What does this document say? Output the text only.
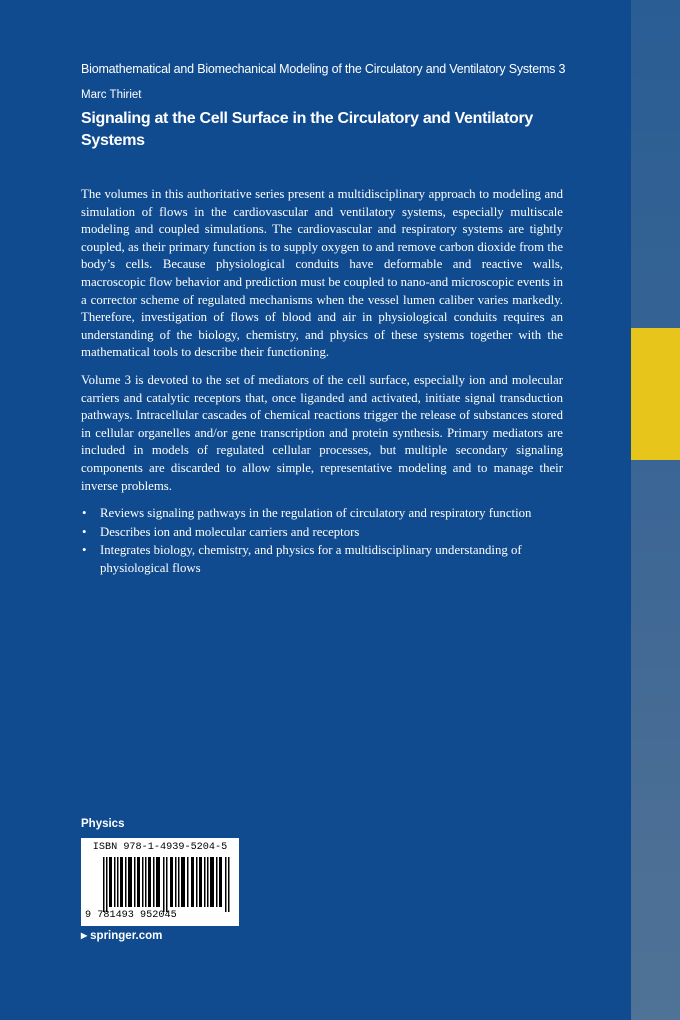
Biomathematical and Biomechanical Modeling of the Circulatory and Ventilatory Systems 3

Marc Thiriet

Signaling at the Cell Surface in the Circulatory and Ventilatory Systems

The volumes in this authoritative series present a multidisciplinary approach to modeling and simulation of flows in the cardiovascular and ventilatory systems, especially multiscale modeling and coupled simulations. The cardiovascular and respiratory systems are tightly coupled, as their primary function is to supply oxygen to and remove carbon dioxide from the body’s cells. Because physiological conduits have deformable and reactive walls, macroscopic flow behavior and prediction must be coupled to nano-and microscopic events in a corrector scheme of regulated mechanisms when the vessel lumen caliber varies markedly. Therefore, investigation of flows of blood and air in physiological conduits requires an understanding of the biology, chemistry, and physics of these systems together with the mathematical tools to describe their functioning.

Volume 3 is devoted to the set of mediators of the cell surface, especially ion and molecular carriers and catalytic receptors that, once liganded and activated, initiate signal transduction pathways. Intracellular cascades of chemical reactions trigger the release of substances stored in cellular organelles and/or gene transcription and protein synthesis. Primary mediators are included in models of regulated cellular processes, but multiple secondary signaling components are discarded to allow simple, representative modeling and to manage their inverse problems.

• Reviews signaling pathways in the regulation of circulatory and respiratory function
• Describes ion and molecular carriers and receptors
• Integrates biology, chemistry, and physics for a multidisciplinary understanding of physiological flows

Physics

ISBN 978-1-4939-5204-5
9 781493 952045

▶ springer.com
